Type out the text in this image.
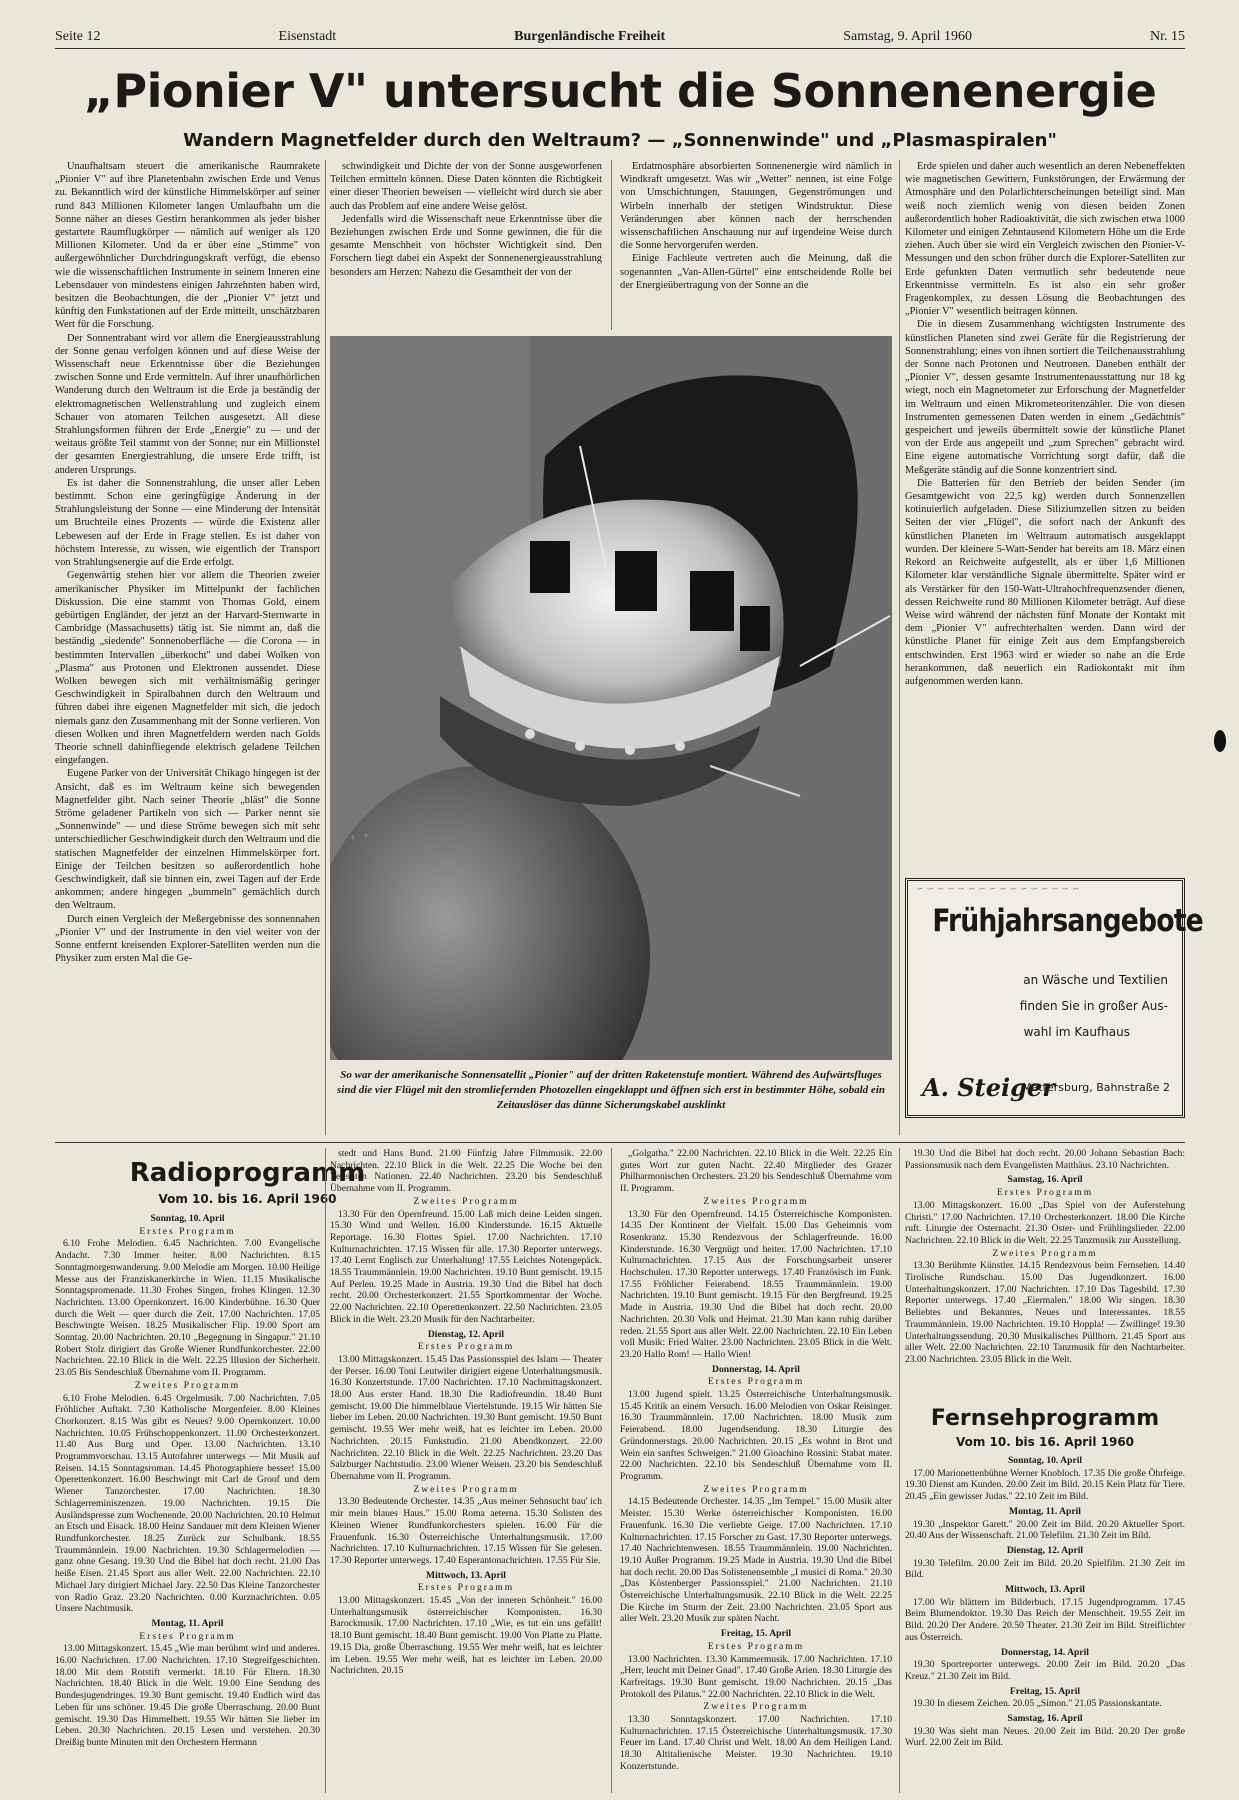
Seite 12	Eisenstadt	Burgenländische Freiheit	Samstag, 9. April 1960	Nr. 15
„Pionier V" untersucht die Sonnenenergie
Wandern Magnetfelder durch den Weltraum? — „Sonnenwinde" und „Plasmaspiralen"

Unaufhaltsam steuert die amerikanische Raumrakete „Pionier V" auf ihre Planetenbahn zwischen Erde und Venus zu. Bekanntlich wird der künstliche Himmelskörper auf seiner rund 843 Millionen Kilometer langen Umlaufbahn um die Sonne näher an dieses Gestirn herankommen als jeder bisher gestartete Raumflugkörper — nämlich auf weniger als 120 Millionen Kilometer. Und da er über eine „Stimme" von außergewöhnlicher Durchdringungskraft verfügt, die ebenso wie die wissenschaftlichen Instrumente in seinem Inneren eine Lebensdauer von mindestens einigen Jahrzehnten haben wird, besitzen die Beobachtungen, die der „Pionier V" jetzt und künftig den Funkstationen auf der Erde mitteilt, unschätzbaren Wert für die Forschung.

Der Sonnentrabant wird vor allem die Energieausstrahlung der Sonne genau verfolgen können und auf diese Weise der Wissenschaft neue Erkenntnisse über die Beziehungen zwischen Sonne und Erde vermitteln. Auf ihrer unaufhörlichen Wanderung durch den Weltraum ist die Erde ja beständig der elektromagnetischen Wellenstrahlung und zugleich einem Schauer von atomaren Teilchen ausgesetzt. All diese Strahlungsformen führen der Erde „Energie" zu — und der weitaus größte Teil stammt von der Sonne; nur ein Millionstel der gesamten Energiestrahlung, die unsere Erde trifft, ist anderen Ursprungs.

Es ist daher die Sonnenstrahlung, die unser aller Leben bestimmt. Schon eine geringfügige Änderung in der Strahlungsleistung der Sonne — eine Minderung der Intensität um Bruchteile eines Prozents — würde die Existenz aller Lebewesen auf der Erde in Frage stellen. Es ist daher von höchstem Interesse, zu wissen, wie eigentlich der Transport von Strahlungsenergie auf die Erde erfolgt.

Gegenwärtig stehen hier vor allem die Theorien zweier amerikanischer Physiker im Mittelpunkt der fachlichen Diskussion. Die eine stammt von Thomas Gold, einem gebürtigen Engländer, der jetzt an der Harvard-Sternwarte in Cambridge (Massachusetts) tätig ist. Sie nimmt an, daß die beständig „siedende" Sonnenoberfläche — die Corona — in bestimmten Intervallen „überkocht" und dabei Wolken von „Plasma" aus Protonen und Elektronen aussendet. Diese Wolken bewegen sich mit verhältnismäßig geringer Geschwindigkeit in Spiralbahnen durch den Weltraum und führen dabei ihre eigenen Magnetfelder mit sich, die jedoch niemals ganz den Zusammenhang mit der Sonne verlieren. Von diesen Wolken und ihren Magnetfeldern werden nach Golds Theorie schnell dahinfliegende elektrisch geladene Teilchen eingefangen.

Eugene Parker von der Universität Chikago hingegen ist der Ansicht, daß es im Weltraum keine sich bewegenden Magnetfelder gibt. Nach seiner Theorie „bläst" die Sonne Ströme geladener Partikeln von sich — Parker nennt sie „Sonnenwinde" — und diese Ströme bewegen sich mit sehr unterschiedlicher Geschwindigkeit durch den Weltraum und die statischen Magnetfelder der einzelnen Himmelskörper fort. Einige der Teilchen besitzen so außerordentlich hohe Geschwindigkeit, daß sie binnen ein, zwei Tagen auf der Erde ankommen; andere hingegen „bummeln" gemächlich durch den Weltraum.

Durch einen Vergleich der Meßergebnisse des sonnennahen „Pionier V" und der Instrumente in den viel weiter von der Sonne entfernt kreisenden Explorer-Satelliten werden nun die Physiker zum ersten Mal die Ge-

schwindigkeit und Dichte der von der Sonne ausgeworfenen Teilchen ermitteln können. Diese Daten könnten die Richtigkeit einer dieser Theorien beweisen — vielleicht wird durch sie aber auch das Problem auf eine andere Weise gelöst.

Jedenfalls wird die Wissenschaft neue Erkenntnisse über die Beziehungen zwischen Erde und Sonne gewinnen, die für die gesamte Menschheit von höchster Wichtigkeit sind. Den Forschern liegt dabei ein Aspekt der Sonnenenergieausstrahlung besonders am Herzen: Nahezu die Gesamtheit der von der

Erdatmosphäre absorbierten Sonnenenergie wird nämlich in Windkraft umgesetzt. Was wir „Wetter" nennen, ist eine Folge von Umschichtungen, Stauungen, Gegenströmungen und Wirbeln innerhalb der stetigen Windstruktur. Diese Veränderungen aber können nach der herrschenden wissenschaftlichen Anschauung nur auf irgendeine Weise durch die Sonne hervorgerufen werden.

Einige Fachleute vertreten auch die Meinung, daß die sogenannten „Van-Allen-Gürtel" eine entscheidende Rolle bei der Energieübertragung von der Sonne an die

Erde spielen und daher auch wesentlich an deren Nebeneffekten wie magnetischen Gewittern, Funkstörungen, der Erwärmung der Atmosphäre und den Polarlichterscheinungen beteiligt sind. Man weiß noch ziemlich wenig von diesen beiden Zonen außerordentlich hoher Radioaktivität, die sich zwischen etwa 1000 Kilometer und einigen Zehntausend Kilometern Höhe um die Erde ziehen. Auch über sie wird ein Vergleich zwischen den Pionier-V-Messungen und den schon früher durch die Explorer-Satelliten zur Erde gefunkten Daten vermutlich sehr bedeutende neue Erkenntnisse vermitteln. Es ist also ein sehr großer Fragenkomplex, zu dessen Lösung die Beobachtungen des „Pionier V" wesentlich beitragen können.

Die in diesem Zusammenhang wichtigsten Instrumente des künstlichen Planeten sind zwei Geräte für die Registrierung der Sonnenstrahlung; eines von ihnen sortiert die Teilchenausstrahlung der Sonne nach Protonen und Neutronen. Daneben enthält der „Pionier V", dessen gesamte Instrumentenausstattung nur 18 kg wiegt, noch ein Magnetometer zur Erforschung der Magnetfelder im Weltraum und einen Mikrometeoritenzähler. Die von diesen Instrumenten gemessenen Daten werden in einem „Gedächtnis" gespeichert und jeweils übermittelt sowie der künstliche Planet von der Erde aus angepeilt und „zum Sprechen" gebracht wird. Eine eigene automatische Vorrichtung sorgt dafür, daß die Meßgeräte ständig auf die Sonne konzentriert sind.

Die Batterien für den Betrieb der beiden Sender (im Gesamtgewicht von 22,5 kg) werden durch Sonnenzellen kotinuierlich aufgeladen. Diese Siliziumzellen sitzen zu beiden Seiten der vier „Flügel", die sofort nach der Ankunft des künstlichen Planeten im Weltraum automatisch ausgeklappt wurden. Der kleinere 5-Watt-Sender hat bereits am 18. März einen Rekord an Reichweite aufgestellt, als er über 1,6 Millionen Kilometer klar verständliche Signale übermittelte. Später wird er als Verstärker für den 150-Watt-Ultrahochfrequenzsender dienen, dessen Reichweite rund 80 Millionen Kilometer beträgt. Auf diese Weise wird während der nächsten fünf Monate der Kontakt mit dem „Pionier V" aufrechterhalten werden. Dann wird der künstliche Planet für einige Zeit aus dem Empfangsbereich entschwinden. Erst 1963 wird er wieder so nahe an die Erde herankommen, daß neuerlich ein Radiokontakt mit ihm aufgenommen werden kann.

‹ ›
So war der amerikanische Sonnensatellit „Pionier" auf der dritten Raketenstufe montiert. Während des Aufwärtsfluges sind die vier Flügel mit den stromliefernden Photozellen eingeklappt und öffnen sich erst in bestimmter Höhe, sobald ein Zeitauslöser das dünne Sicherungskabel ausklinkt
~ ~ ~ ~ ~ ~ ~ ~ ~ ~ ~ ~ ~ ~ ~ ~
Frühjahrsangebote
an Wäsche und Textilien
finden Sie in großer Aus-
wahl im Kaufhaus
A. Steiger
Mattersburg, Bahnstraße 2
Radioprogramm
Vom 10. bis 16. April 1960
Sonntag, 10. April
Erstes Programm

6.10 Frohe Melodien. 6.45 Nachrichten. 7.00 Evangelische Andacht. 7.30 Immer heiter. 8.00 Nachrichten. 8.15 Sonntagmorgenwanderung. 9.00 Melodie am Morgen. 10.00 Heilige Messe aus der Franziskanerkirche in Wien. 11.15 Musikalische Sonntagspromenade. 11.30 Frohes Singen, frohes Klingen. 12.30 Nachrichten. 13.00 Opernkonzert. 16.00 Kinderbühne. 16.30 Quer durch die Welt — quer durch die Zeit. 17.00 Nachrichten. 17.05 Beschwingte Weisen. 18.25 Musikalischer Flip. 19.00 Sport am Sonntag. 20.00 Nachrichten. 20.10 „Begegnung in Singapur." 21.10 Robert Stolz dirigiert das Große Wiener Rundfunkorchester. 22.00 Nachrichten. 22.10 Blick in die Welt. 22.25 Illusion der Sicherheit. 23.05 Bis Sendeschluß Übernahme vom II. Programm.

Zweites Programm

6.10 Frohe Melodien. 6.45 Orgelmusik. 7.00 Nachrichten. 7.05 Fröhlicher Auftakt. 7.30 Katholische Morgenfeier. 8.00 Kleines Chorkonzert. 8.15 Was gibt es Neues? 9.00 Opernkonzert. 10.00 Nachrichten. 10.05 Frühschoppenkonzert. 11.00 Orchesterkonzert. 11.40 Aus Burg und Oper. 13.00 Nachrichten. 13.10 Programmvorschau. 13.15 Autofahrer unterwegs — Mit Musik auf Reisen. 14.15 Sonntagsroman. 14.45 Photographiere besser! 15.00 Operettenkonzert. 16.00 Beschwingt mit Carl de Groof und dem Wiener Tanzorchester. 17.00 Nachrichten. 18.30 Schlagerreminiszenzen. 19.00 Nachrichten. 19.15 Die Ausländspresse zum Wochenende. 20.00 Nachrichten. 20.10 Helmut an Etsch und Eisack. 18.00 Heinz Sandauer mit dem Kleinen Wiener Rundfunkorchester. 18.25 Zurück zur Schulbank. 18.55 Traummännlein. 19.00 Nachrichten. 19.30 Schlagermelodien — ganz ohne Gesang. 19.30 Und die Bibel hat doch recht. 21.00 Das heiße Eisen. 21.45 Sport aus aller Welt. 22.00 Nachrichten. 22.10 Michael Jary dirigiert Michael Jary. 22.50 Das Kleine Tanzorchester von Radio Graz. 23.20 Nachrichten. 0.00 Kurznachrichten. 0.05 Unsere Nachtmusik.

Montag, 11. April
Erstes Programm

13.00 Mittagskonzert. 15.45 „Wie man berühmt wird und anderes. 16.00 Nachrichten. 17.00 Nachrichten. 17.10 Stegreifgeschichten. 18.00 Mit dem Rotstift vermerkt. 18.10 Für Eltern. 18.30 Nachrichten. 18.40 Blick in die Welt. 19.00 Eine Sendung des Bundesjugendringes. 19.30 Bunt gemischt. 19.40 Endlich wird das Leben für uns schöner. 19.45 Die große Überraschung. 20.00 Bunt gemischt. 19.30 Das Himmelbett. 19.55 Wir hätten Sie lieber im Leben. 20.30 Nachrichten. 20.15 Lesen und verstehen. 20.30 Dreißig bunte Minuten mit den Orchestern Hermann

stedt und Hans Bund. 21.00 Fünfzig Jahre Filmmusik. 22.00 Nachrichten. 22.10 Blick in die Welt. 22.25 Die Woche bei den Vereinten Nationen. 22.40 Nachrichten. 23.20 bis Sendeschluß Übernahme vom II. Programm.

Zweites Programm

13.30 Für den Opernfreund. 15.00 Laß mich deine Leiden singen. 15.30 Wind und Wellen. 16.00 Kinderstunde. 16.15 Aktuelle Reportage. 16.30 Flottes Spiel. 17.00 Nachrichten. 17.10 Kulturnachrichten. 17.15 Wissen für alle. 17.30 Reporter unterwegs. 17.40 Lernt Englisch zur Unterhaltung! 17.55 Leichtes Notengepäck. 18.55 Traummännlein. 19.00 Nachrichten. 19.10 Bunt gemischt. 19.15 Auf Perlen. 19.25 Made in Austria. 19.30 Und die Bibel hat doch recht. 20.00 Orchesterkonzert. 21.55 Sportkommentar der Woche. 22.00 Nachrichten. 22.10 Operettenkonzert. 22.50 Nachrichten. 23.05 Blick in die Welt. 23.20 Musik für den Nachtarbeiter.

Dienstag, 12. April
Erstes Programm

13.00 Mittagskonzert. 15.45 Das Passionsspiel des Islam — Theater der Perser. 16.00 Toni Leutwiler dirigiert eigene Unterhaltungsmusik. 16.30 Konzertstunde. 17.00 Nachrichten. 17.10 Nachmittagskonzert. 18.00 Aus erster Hand. 18.30 Die Radiofreundin. 18.40 Bunt gemischt. 19.00 Die himmelblaue Viertelstunde. 19.15 Wir hätten Sie lieber im Leben. 20.00 Nachrichten. 19.30 Bunt gemischt. 19.50 Bunt gemischt. 19.55 Wer mehr weiß, hat es leichter im Leben. 20.00 Nachrichten. 20.15 Funkstudio. 21.00 Abendkonzert. 22.00 Nachrichten. 22.10 Blick in die Welt. 22.25 Nachrichten. 23.20 Das Salzburger Nachtstudio. 23.00 Wiener Weisen. 23.20 bis Sendeschluß Übernahme vom II. Programm.

Zweites Programm

13.30 Bedeutende Orchester. 14.35 „Aus meiner Sehnsucht bau' ich mir mein blaues Haus." 15.00 Roma aeterna. 15.30 Solisten des Kleinen Wiener Rundfunkorchesters spielen. 16.00 Für die Frauenfunk. 16.30 Österreichische Unterhaltungsmusik. 17.00 Nachrichten. 17.10 Kulturnachrichten. 17.15 Wissen für Sie gelesen. 17.30 Reporter unterwegs. 17.40 Esperantonachrichten. 17.55 Für Sie.

Mittwoch, 13. April
Erstes Programm

13.00 Mittagskonzert. 15.45 „Von der inneren Schönheit." 16.00 Unterhaltungsmusik österreichischer Komponisten. 16.30 Barockmusik. 17.00 Nachrichten. 17.10 „Wie, es tut ein uns gefällt! 18.10 Bunt gemischt. 18.40 Bunt gemischt. 19.00 Von Platte zu Platte. 19.15 Dia, große Überraschung. 19.55 Wer mehr weiß, hat es leichter im Leben. 19.55 Wer mehr weiß, hat es leichter im Leben. 20.00 Nachrichten. 20.15

„Golgatha." 22.00 Nachrichten. 22.10 Blick in die Welt. 22.25 Ein gutes Wort zur guten Nacht. 22.40 Mitglieder des Grazer Philharmonischen Orchesters. 23.20 bis Sendeschluß Übernahme vom II. Programm.

Zweites Programm

13.30 Für den Opernfreund. 14.15 Österreichische Komponisten. 14.35 Der Kontinent der Vielfalt. 15.00 Das Geheimnis vom Rosenkranz. 15.30 Rendezvous der Schlagerfreunde. 16.00 Kinderstunde. 16.30 Vergnügt und heiter. 17.00 Nachrichten. 17.10 Kulturnachrichten. 17.15 Aus der Forschungsarbeit unserer Hochschulen. 17.30 Reporter unterwegs. 17.40 Französisch im Funk. 17.55 Fröhlicher Feierabend. 18.55 Traummännlein. 19.00 Nachrichten. 19.10 Bunt gemischt. 19.15 Für den Bergfreund. 19.25 Made in Austria. 19.30 Und die Bibel hat doch recht. 20.00 Nachrichten. 20.30 Volk und Heimat. 21.30 Man kann ruhig darüber reden. 21.55 Sport aus aller Welt. 22.00 Nachrichten. 22.10 Ein Leben voll Musik: Fried Walter. 23.00 Nachrichten. 23.05 Blick in die Welt. 23.20 Hallo Rom! — Hallo Wien!

Donnerstag, 14. April
Erstes Programm

13.00 Jugend spielt. 13.25 Österreichische Unterhaltungsmusik. 15.45 Kritik an einem Versuch. 16.00 Melodien von Oskar Reisinger. 16.30 Traummännlein. 17.00 Nachrichten. 18.00 Musik zum Feierabend. 18.00 Jugendsendung. 18.30 Liturgie des Gründonnerstags. 20.00 Nachrichten. 20.15 „Es wohnt in Brot und Wein ein sanftes Schweigen." 21.00 Gioachino Rossini: Stabat mater. 22.00 Nachrichten. 22.10 bis Sendeschluß Übernahme vom II. Programm.

Zweites Programm

14.15 Bedeutende Orchester. 14.35 „Im Tempel." 15.00 Musik alter Meister. 15.30 Werke österreichischer Komponisten. 16.00 Frauenfunk. 16.30 Die verliebte Geige. 17.00 Nachrichten. 17.10 Kulturnachrichten. 17.15 Forscher zu Gast. 17.30 Reporter unterwegs. 17.40 Nachrichtenwesen. 18.55 Traummännlein. 19.00 Nachrichten. 19.10 Äußer Programm. 19.25 Made in Austria. 19.30 Und die Bibel hat doch recht. 20.00 Das Solistenensemble „I musici di Roma." 20.30 „Das Köstenberger Passionsspiel." 21.00 Nachrichten. 21.10 Österreichische Unterhaltungsmusik. 22.10 Blick in die Welt. 22.25 Die Kirche im Sturm der Zeit. 23.00 Nachrichten. 23.05 Sport aus aller Welt. 23.20 Musik zur späten Nacht.

Freitag, 15. April
Erstes Programm

13.00 Nachrichten. 13.30 Kammermusik. 17.00 Nachrichten. 17.10 „Herr, leucht mit Deiner Gnad". 17.40 Große Arien. 18.30 Liturgie des Karfreitags. 19.30 Bunt gemischt. 19.00 Nachrichten. 20.15 „Das Protokoll des Pilatus." 22.00 Nachrichten. 22.10 Blick in die Welt.

Zweites Programm

13.30 Sonntagskonzert. 17.00 Nachrichten. 17.10 Kulturnachrichten. 17.15 Österreichische Unterhaltungsmusik. 17.30 Feuer im Land. 17.40 Christ und Welt. 18.00 An dem Heiligen Land. 18.30 Altitalienische Meister. 19.30 Nachrichten. 19.10 Konzertstunde.

19.30 Und die Bibel hat doch recht. 20.00 Johann Sebastian Bach: Passionsmusik nach dem Evangelisten Matthäus. 23.10 Nachrichten.

Samstag, 16. April
Erstes Programm

13.00 Mittagskonzert. 16.00 „Das Spiel von der Auferstehung Christi." 17.00 Nachrichten. 17.10 Orchesterkonzert. 18.00 Die Kirche ruft. Liturgie der Osternacht. 21.30 Oster- und Frühlingslieder. 22.00 Nachrichten. 22.10 Blick in die Welt. 22.25 Tanzmusik zur Ausstellung.

Zweites Programm

13.30 Berühmte Künstler. 14.15 Rendezvous beim Fernsehen. 14.40 Tirolische Rundschau. 15.00 Das Jugendkonzert. 16.00 Unterhaltungskonzert. 17.00 Nachrichten. 17.10 Das Tagesbild. 17.30 Reporter unterwegs. 17.40 „Eiermalen." 18.00 Wir singen. 18.30 Beliebtes und Bekanntes, Neues und Interessantes. 18.55 Traummännlein. 19.00 Nachrichten. 19.10 Hoppla! — Zwillinge! 19.30 Unterhaltungssendung. 20.30 Musikalisches Püllhorn. 21.45 Sport aus aller Welt. 22.00 Nachrichten. 22.10 Tanzmusik für den Nachtarbeiter. 23.00 Nachrichten. 23.05 Blick in die Welt.

Fernsehprogramm
Vom 10. bis 16. April 1960
Sonntag, 10. April

17.00 Marionettenbühne Werner Knobloch. 17.35 Die große Öhrfeige. 19.30 Dienst am Kunden. 20.00 Zeit im Bild. 20.15 Kein Platz für Tiere. 20.45 „Ein gewisser Judas." 22.10 Zeit im Bild.

Montag, 11. April

19.30 „Inspektor Garett." 20.00 Zeit im Bild. 20.20 Aktueller Sport. 20.40 Aus der Wissenschaft. 21.00 Telefilm. 21.30 Zeit im Bild.

Dienstag, 12. April

19.30 Telefilm. 20.00 Zeit im Bild. 20.20 Spielfilm. 21.30 Zeit im Bild.

Mittwoch, 13. April

17.00 Wir blättern im Bilderbuch. 17.15 Jugendprogramm. 17.45 Beim Blumendoktor. 19.30 Das Reich der Menschheit. 19.55 Zeit im Bild. 20.20 Der Andere. 20.50 Theater. 21.30 Zeit im Bild. Streiflichter aus Österreich.

Donnerstag, 14. April

19.30 Sportreporter unterwegs. 20.00 Zeit im Bild. 20.20 „Das Kreuz." 21.30 Zeit im Bild.

Freitag, 15. April

19.30 In diesem Zeichen. 20.05 „Simon." 21.05 Passionskantate.

Samstag, 16. April

19.30 Was sieht man Neues. 20.00 Zeit im Bild. 20.20 Der große Wurf. 22.00 Zeit im Bild.
